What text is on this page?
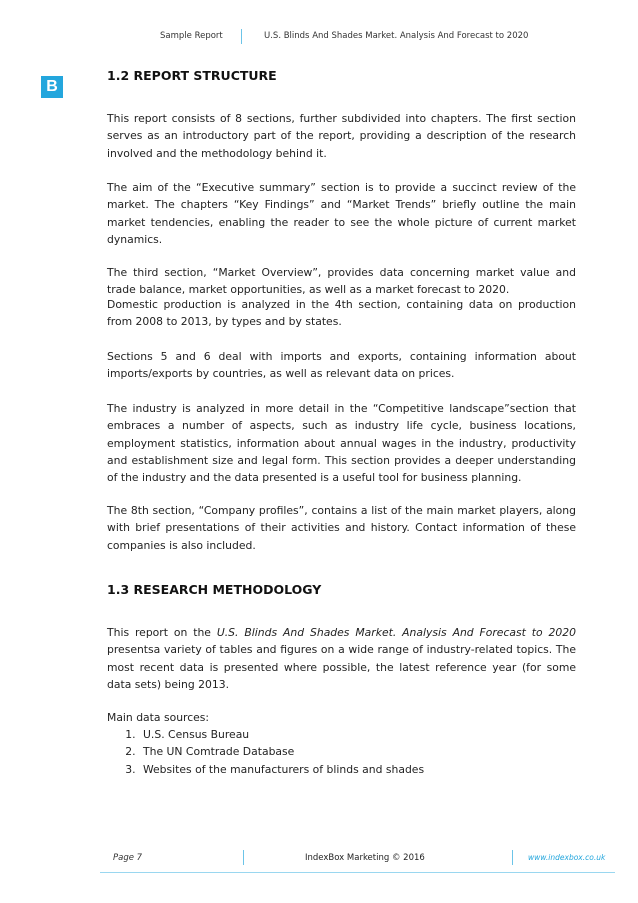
Sample Report	U.S. Blinds And Shades Market. Analysis And Forecast to 2020
B
1.2 REPORT STRUCTURE

This report consists of 8 sections, further subdivided into chapters. The first section serves as an introductory part of the report, providing a description of the research involved and the methodology behind it.

The aim of the “Executive summary” section is to provide a succinct review of the market. The chapters “Key Findings” and “Market Trends” briefly outline the main market tendencies, enabling the reader to see the whole picture of current market dynamics.

The third section, “Market Overview”, provides data concerning market value and trade balance, market opportunities, as well as a market forecast to 2020.

Domestic production is analyzed in the 4th section, containing data on production from 2008 to 2013, by types and by states.

Sections 5 and 6 deal with imports and exports, containing information about imports/exports by countries, as well as relevant data on prices.

The industry is analyzed in more detail in the “Competitive landscape”section that embraces a number of aspects, such as industry life cycle, business locations, employment statistics, information about annual wages in the industry, productivity and establishment size and legal form. This section provides a deeper understanding of the industry and the data presented is a useful tool for business planning.

The 8th section, “Company profiles”, contains a list of the main market players, along with brief presentations of their activities and history. Contact information of these companies is also included.

1.3 RESEARCH METHODOLOGY

This report on the U.S. Blinds And Shades Market. Analysis And Forecast to 2020 presentsa variety of tables and figures on a wide range of industry-related topics. The most recent data is presented where possible, the latest reference year (for some data sets) being 2013.

Main data sources:

1. U.S. Census Bureau
2. The UN Comtrade Database
3. Websites of the manufacturers of blinds and shades
Page 7	IndexBox Marketing © 2016	www.indexbox.co.uk
